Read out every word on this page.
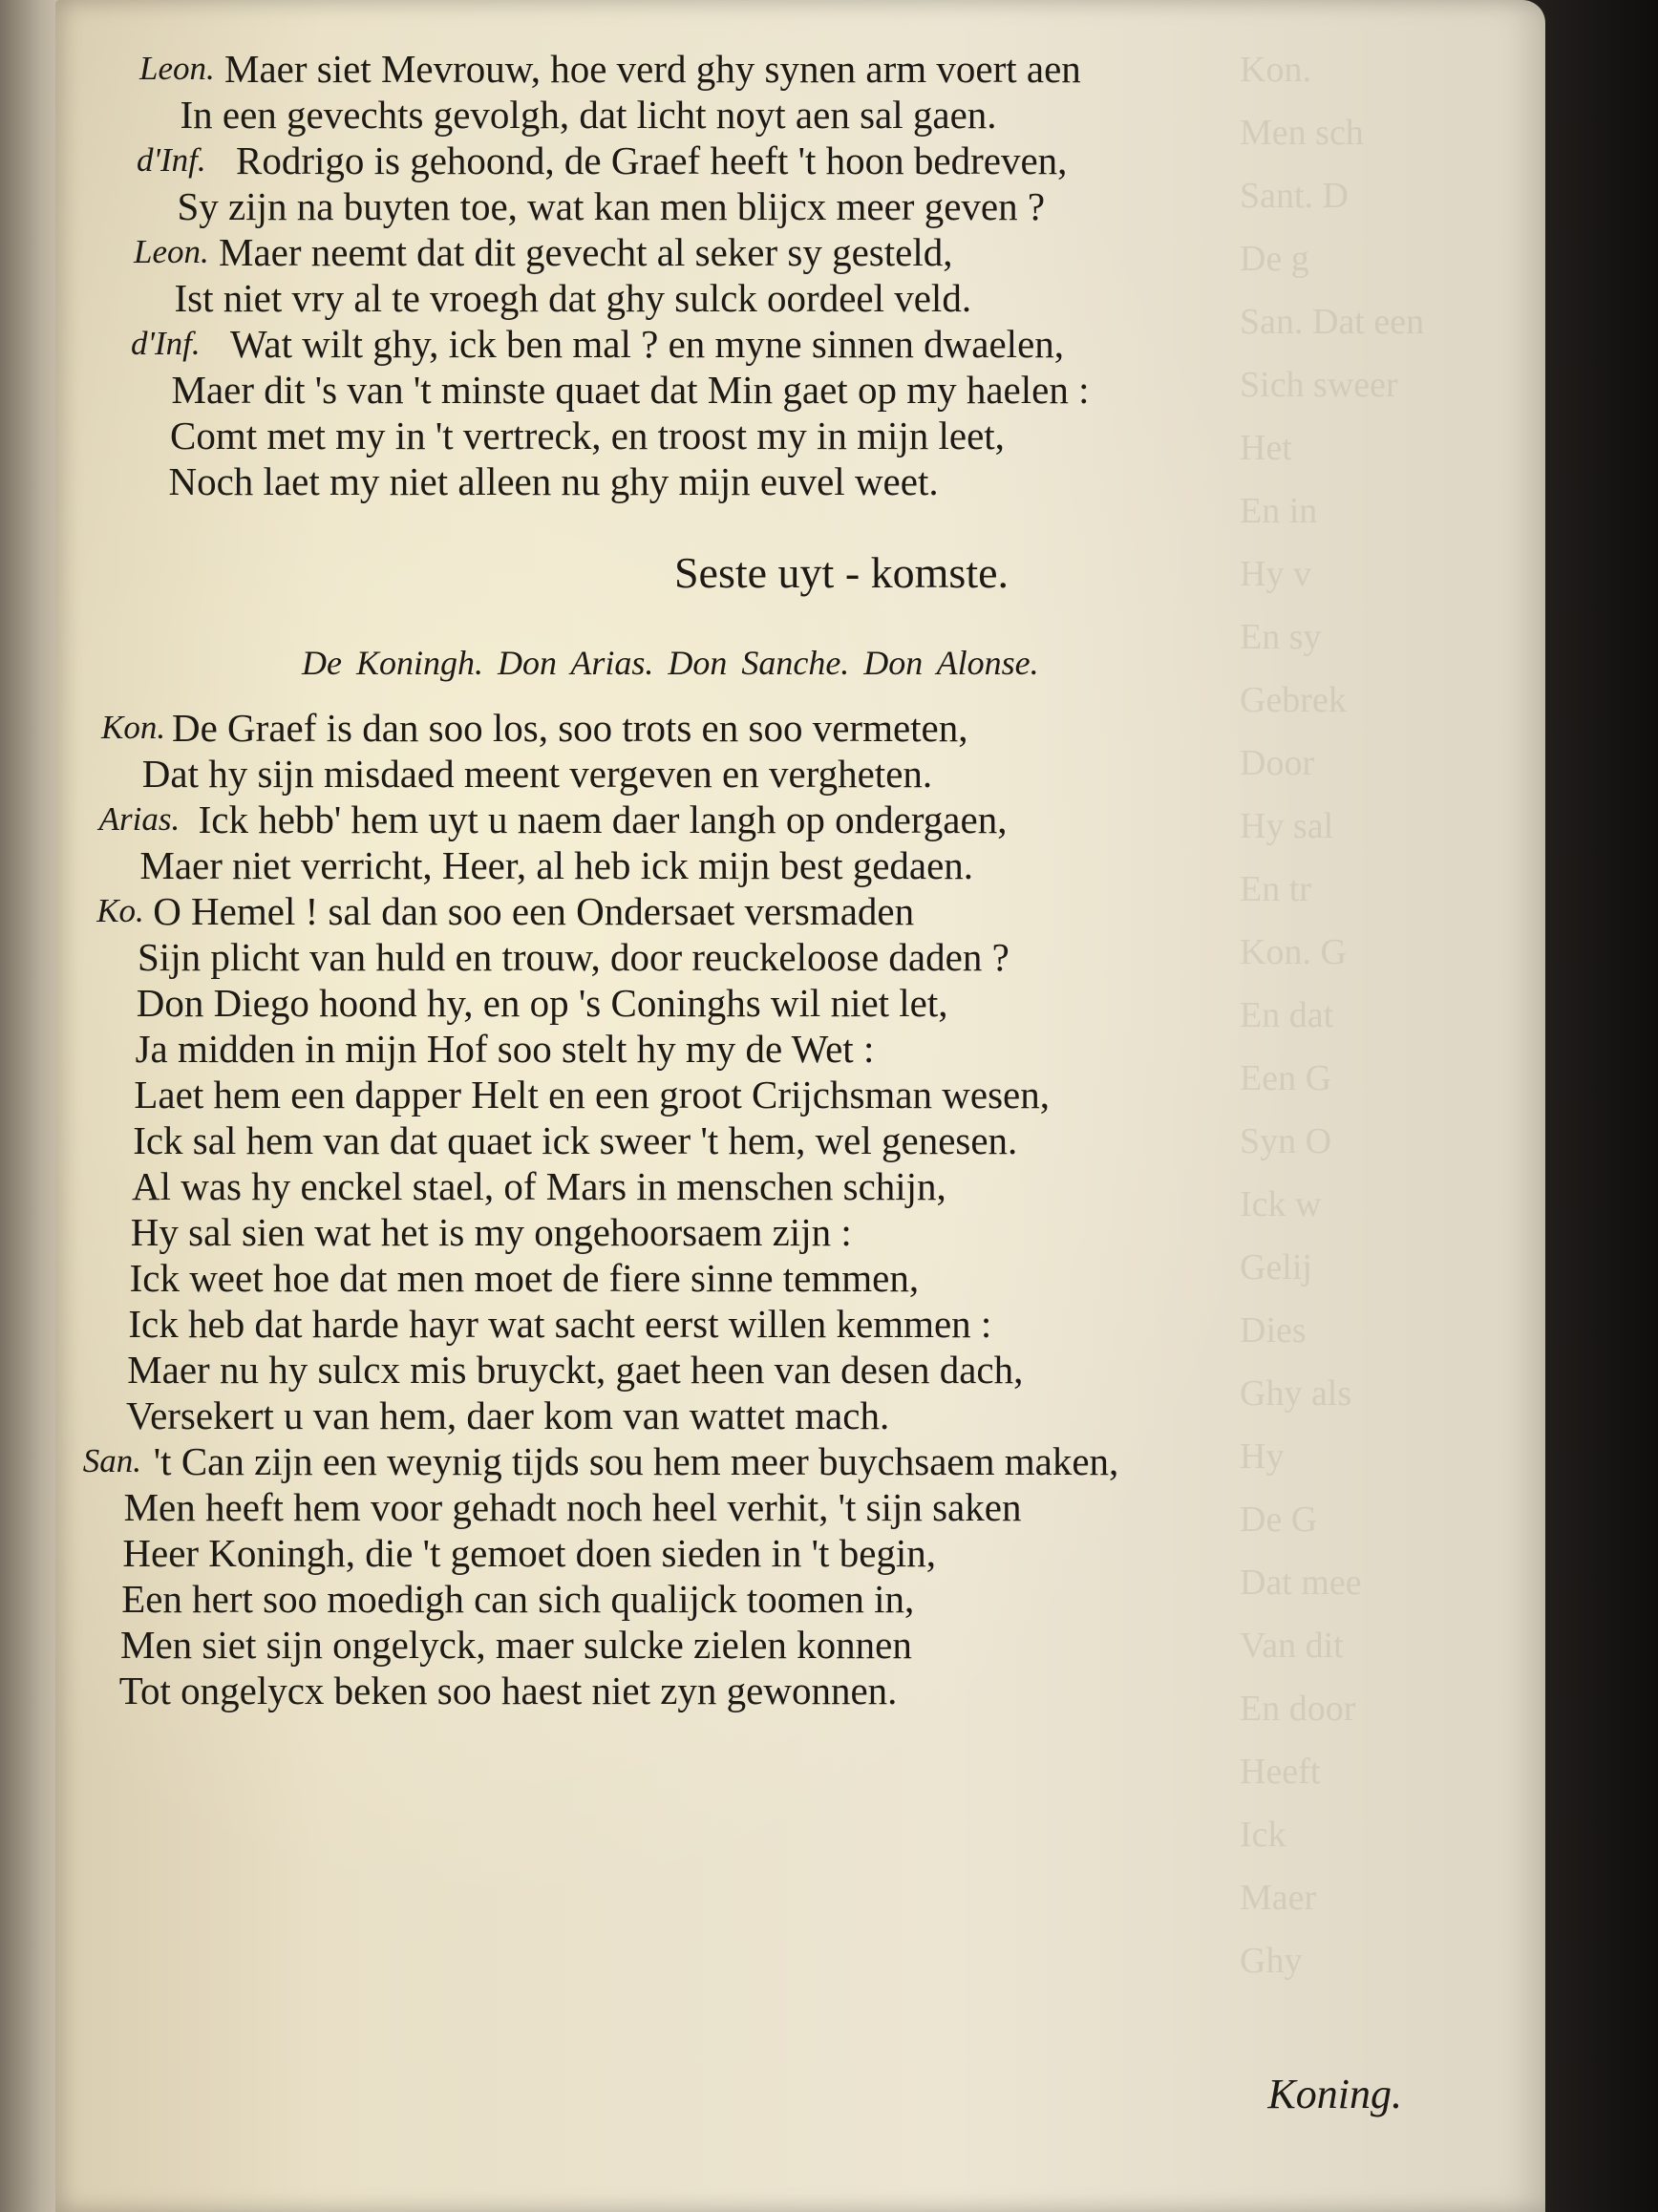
Kon.
Men sch
Sant. D
De g
San. Dat een
Sich sweer
Het
En in
Hy v
En sy
Gebrek
Door
Hy sal
En tr
Kon. G
En dat
Een G
Syn O
Ick w
Gelij
Dies
Ghy als
Hy
De G
Dat mee
Van dit
En door
Heeft
Ick
Maer
Ghy

Leon. Maer siet Mevrouw, hoe verd ghy synen arm voert aen
In een gevechts gevolgh, dat licht noyt aen sal gaen.
d'Inf. Rodrigo is gehoond, de Graef heeft 't hoon bedreven,
Sy zijn na buyten toe, wat kan men blijcx meer geven ?
Leon. Maer neemt dat dit gevecht al seker sy gesteld,
Ist niet vry al te vroegh dat ghy sulck oordeel veld.
d'Inf. Wat wilt ghy, ick ben mal ? en myne sinnen dwaelen,
Maer dit 's van 't minste quaet dat Min gaet op my haelen :
Comt met my in 't vertreck, en troost my in mijn leet,
Noch laet my niet alleen nu ghy mijn euvel weet.
Seste uyt - komste.
De Koningh. Don Arias. Don Sanche. Don Alonse.
Kon. De Graef is dan soo los, soo trots en soo vermeten,
Dat hy sijn misdaed meent vergeven en vergheten.
Arias. Ick hebb' hem uyt u naem daer langh op ondergaen,
Maer niet verricht, Heer, al heb ick mijn best gedaen.
Ko. O Hemel ! sal dan soo een Ondersaet versmaden
Sijn plicht van huld en trouw, door reuckeloose daden ?
Don Diego hoond hy, en op 's Coninghs wil niet let,
Ja midden in mijn Hof soo stelt hy my de Wet :
Laet hem een dapper Helt en een groot Crijchsman wesen,
Ick sal hem van dat quaet ick sweer 't hem, wel genesen.
Al was hy enckel stael, of Mars in menschen schijn,
Hy sal sien wat het is my ongehoorsaem zijn :
Ick weet hoe dat men moet de fiere sinne temmen,
Ick heb dat harde hayr wat sacht eerst willen kemmen :
Maer nu hy sulcx mis bruyckt, gaet heen van desen dach,
Versekert u van hem, daer kom van wattet mach.
San. 't Can zijn een weynig tijds sou hem meer buychsaem maken,
Men heeft hem voor gehadt noch heel verhit, 't sijn saken
Heer Koningh, die 't gemoet doen sieden in 't begin,
Een hert soo moedigh can sich qualijck toomen in,
Men siet sijn ongelyck, maer sulcke zielen konnen
Tot ongelycx beken soo haest niet zyn gewonnen.
Koning.
